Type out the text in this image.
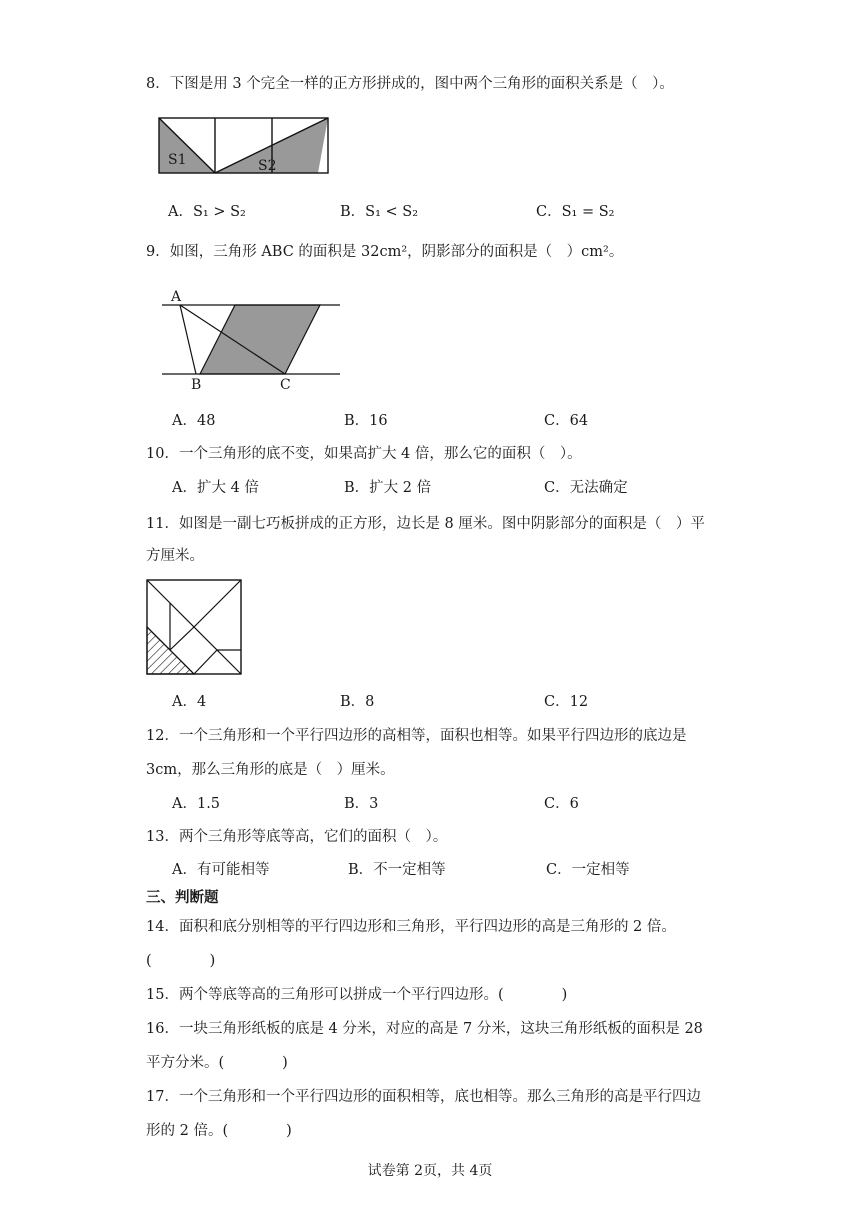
8．下图是用 3 个完全一样的正方形拼成的，图中两个三角形的面积关系是（　）。
S1	S2
A．S₁ > S₂	B．S₁ < S₂	C．S₁ = S₂
9．如图，三角形 ABC 的面积是 32cm²，阴影部分的面积是（　）cm²。
A
B	C
A．48	B．16	C．64
10．一个三角形的底不变，如果高扩大 4 倍，那么它的面积（　）。
A．扩大 4 倍	B．扩大 2 倍	C．无法确定
11．如图是一副七巧板拼成的正方形，边长是 8 厘米。图中阴影部分的面积是（　）平
方厘米。
A．4	B．8	C．12
12．一个三角形和一个平行四边形的高相等，面积也相等。如果平行四边形的底边是
3cm，那么三角形的底是（　）厘米。
A．1.5	B．3	C．6
13．两个三角形等底等高，它们的面积（　）。
A．有可能相等	B．不一定相等	C．一定相等
三、判断题
14．面积和底分别相等的平行四边形和三角形，平行四边形的高是三角形的 2 倍。
(　　　　)
15．两个等底等高的三角形可以拼成一个平行四边形。(　　　　)
16．一块三角形纸板的底是 4 分米，对应的高是 7 分米，这块三角形纸板的面积是 28
平方分米。(　　　　)
17．一个三角形和一个平行四边形的面积相等，底也相等。那么三角形的高是平行四边
形的 2 倍。(　　　　)
试卷第 2页，共 4页
